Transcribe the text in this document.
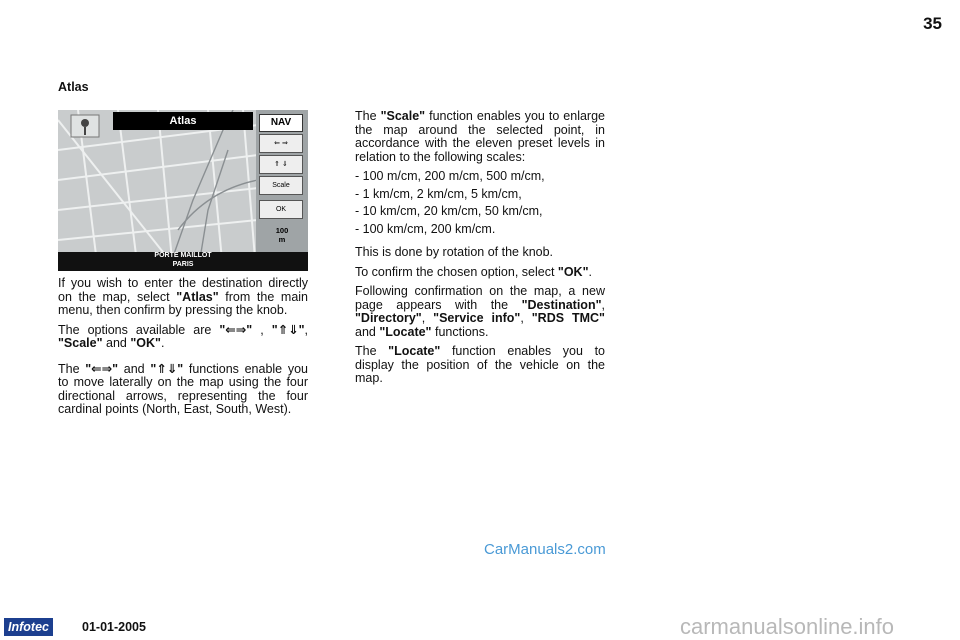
35
Atlas
Atlas	NAV
⇐ ⇒
⇑ ⇓
Scale
OK
100
m
PORTE MAILLOT
PARIS

If you wish to enter the destination directly on the map, select "Atlas" from the main menu, then confirm by pressing the knob.

The options available are "⇐⇒" , "⇑⇓", "Scale" and "OK".

The "⇐⇒" and "⇑⇓" functions enable you to move laterally on the map using the four directional arrows, representing the four cardinal points (North, East, South, West).

The "Scale" function enables you to enlarge the map around the selected point, in accordance with the eleven preset levels in relation to the following scales:

- 100 m/cm, 200 m/cm, 500 m/cm,
- 1 km/cm, 2 km/cm, 5 km/cm,
- 10 km/cm, 20 km/cm, 50 km/cm,
- 100 km/cm, 200 km/cm.

This is done by rotation of the knob.

To confirm the chosen option, select "OK".

Following confirmation on the map, a new page appears with the "Destination", "Directory", "Service info", "RDS TMC" and "Locate" functions.

The "Locate" function enables you to display the position of the vehicle on the map.

CarManuals2.com
Infotec	01-01-2005	carmanualsonline.info
